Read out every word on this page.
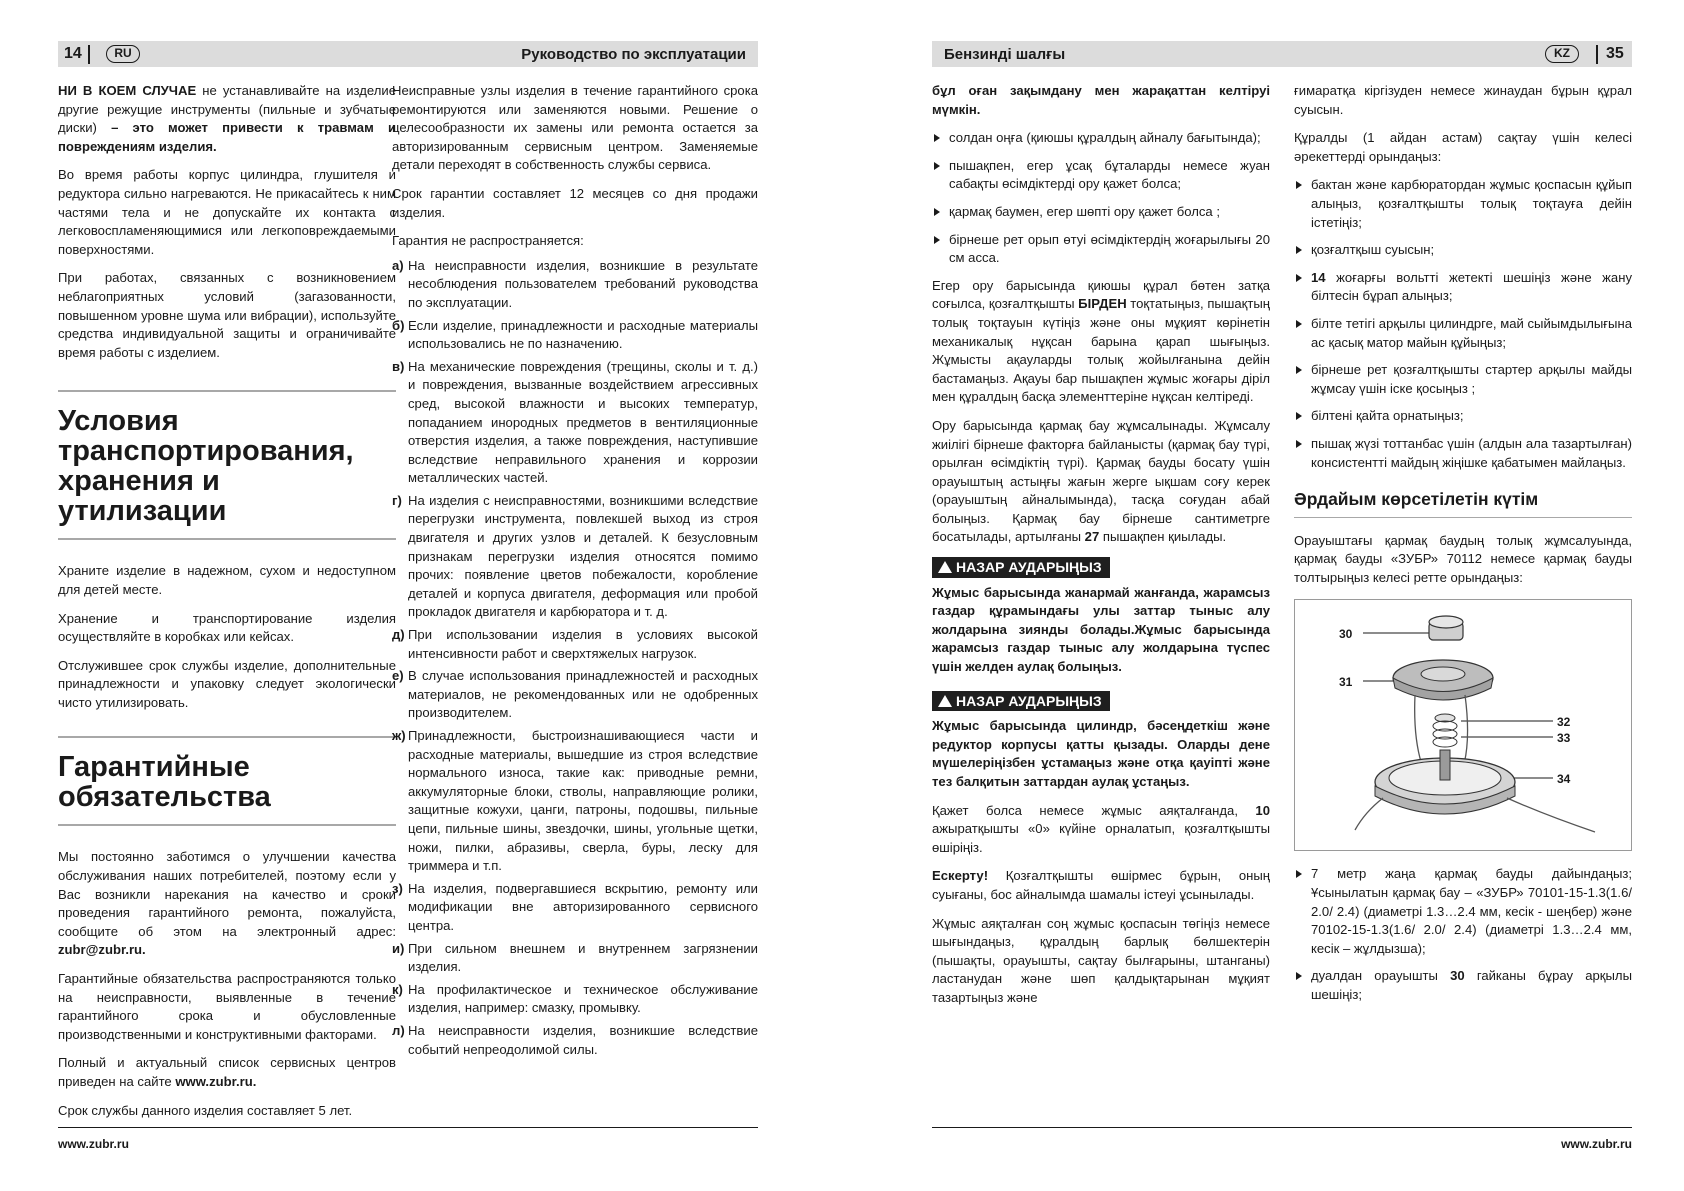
14	RU	Руководство по эксплуатации

НИ В КОЕМ СЛУЧАЕ не устанавливайте на изделие другие режущие инструменты (пильные и зубчатые диски) – это может привести к травмам и повреждениям изделия.

Во время работы корпус цилиндра, глушителя и редуктора сильно нагреваются. Не прикасайтесь к ним частями тела и не допускайте их контакта с легковоспламеняющимися или легкоповреждаемыми поверхностями.

При работах, связанных с возникновением неблагоприятных условий (загазованности, повышенном уровне шума или вибрации), используйте средства индивидуальной защиты и ограничивайте время работы с изделием.

Условия транспортирования, хранения и утилизации

Храните изделие в надежном, сухом и недоступном для детей месте.

Хранение и транспортирование изделия осуществляйте в коробках или кейсах.

Отслужившее срок службы изделие, дополнительные принадлежности и упаковку следует экологически чисто утилизировать.

Гарантийные обязательства

Мы постоянно заботимся о улучшении качества обслуживания наших потребителей, поэтому если у Вас возникли нарекания на качество и сроки проведения гарантийного ремонта, пожалуйста, сообщите об этом на электронный адрес: zubr@zubr.ru.

Гарантийные обязательства распространяются только на неисправности, выявленные в течение гарантийного срока и обусловленные производственными и конструктивными факторами.

Полный и актуальный список сервисных центров приведен на сайте www.zubr.ru.

Срок службы данного изделия составляет 5 лет.

Неисправные узлы изделия в течение гарантийного срока ремонтируются или заменяются новыми. Решение о целесообразности их замены или ремонта остается за авторизированным сервисным центром. Заменяемые детали переходят в собственность службы сервиса.

Срок гарантии составляет 12 месяцев со дня продажи изделия.

Гарантия не распространяется:

а) На неисправности изделия, возникшие в результате несоблюдения пользователем требований руководства по эксплуатации.
б) Если изделие, принадлежности и расходные материалы использовались не по назначению.
в) На механические повреждения (трещины, сколы и т. д.) и повреждения, вызванные воздействием агрессивных сред, высокой влажности и высоких температур, попаданием инородных предметов в вентиляционные отверстия изделия, а также повреждения, наступившие вследствие неправильного хранения и коррозии металлических частей.
г) На изделия с неисправностями, возникшими вследствие перегрузки инструмента, повлекшей выход из строя двигателя и других узлов и деталей. К безусловным признакам перегрузки изделия относятся помимо прочих: появление цветов побежалости, коробление деталей и корпуса двигателя, деформация или пробой прокладок двигателя и карбюратора и т. д.
д) При использовании изделия в условиях высокой интенсивности работ и сверхтяжелых нагрузок.
е) В случае использования принадлежностей и расходных материалов, не рекомендованных или не одобренных производителем.
ж) Принадлежности, быстроизнашивающиеся части и расходные материалы, вышедшие из строя вследствие нормального износа, такие как: приводные ремни, аккумуляторные блоки, стволы, направляющие ролики, защитные кожухи, цанги, патроны, подошвы, пильные цепи, пильные шины, звездочки, шины, угольные щетки, ножи, пилки, абразивы, сверла, буры, леску для триммера и т.п.
з) На изделия, подвергавшиеся вскрытию, ремонту или модификации вне авторизированного сервисного центра.
и) При сильном внешнем и внутреннем загрязнении изделия.
к) На профилактическое и техническое обслуживание изделия, например: смазку, промывку.
л) На неисправности изделия, возникшие вследствие событий непреодолимой силы.
www.zubr.ru
Бензинді шалғы	KZ	35

бұл оған зақымдану мен жарақаттан келтіруі мүмкін.

солдан оңға (қиюшы құралдың айналу бағытында);
пышақпен, егер ұсақ бұталарды немесе жуан сабақты өсімдіктерді ору қажет болса;
қармақ баумен, егер шөпті ору қажет болса ;
бірнеше рет орып өтуі өсімдіктердің жоғарылығы 20 см асса.

Егер ору барысында қиюшы құрал бөтен затқа соғылса, қозғалтқышты БІРДЕН тоқтатыңыз, пышақтың толық тоқтауын күтіңіз және оны мұқият көрінетін механикалық нұқсан барына қарап шығыңыз. Жұмысты ақауларды толық жойылғанына дейін бастамаңыз. Ақауы бар пышақпен жұмыс жоғары діріл мен құралдың басқа элементтеріне нұқсан келтіреді.

Ору барысында қармақ бау жұмсалынады. Жұмсалу жиілігі бірнеше факторға байланысты (қармақ бау түрі, орылған өсімдіктің түрі). Қармақ бауды босату үшін орауыштың астыңғы жағын жерге ықшам соғу керек (орауыштың айналымында), тасқа соғудан абай болыңыз. Қармақ бау бірнеше сантиметрге босатылады, артылғаны 27 пышақпен қиылады.

НАЗАР АУДАРЫҢЫЗ

Жұмыс барысында жанармай жанғанда, жарамсыз газдар құрамындағы улы заттар тыныс алу жолдарына зиянды болады.Жұмыс барысында жарамсыз газдар тыныс алу жолдарына түспес үшін желден аулақ болыңыз.

НАЗАР АУДАРЫҢЫЗ

Жұмыс барысында цилиндр, бәсеңдеткіш және редуктор корпусы қатты қызады. Оларды дене мүшелеріңізбен ұстамаңыз және отқа қауіпті және тез балқитын заттардан аулақ ұстаңыз.

Қажет болса немесе жұмыс аяқталғанда, 10 ажыратқышты «0» күйіне орналатып, қозғалтқышты өшіріңіз.

Ескерту! Қозғалтқышты өшірмес бұрын, оның суығаны, бос айналымда шамалы істеуі ұсынылады.

Жұмыс аяқталған соң жұмыс қоспасын төгіңіз немесе шығындаңыз, құралдың барлық бөлшектерін (пышақты, орауышты, сақтау былғарыны, штанганы) ластанудан және шөп қалдықтарынан мұқият тазартыңыз және

ғимаратқа кіргізуден немесе жинаудан бұрын құрал суысын.

Құралды (1 айдан астам) сақтау үшін келесі әрекеттерді орындаңыз:

бактан және карбюратордан жұмыс қоспасын құйып алыңыз, қозғалтқышты толық тоқтауға дейін істетіңіз;
қозғалтқыш суысын;
14 жоғарғы вольтті жетекті шешіңіз және жану білтесін бұрап алыңыз;
білте тетігі арқылы цилиндрге, май сыйымдылығына ас қасық матор майын құйыңыз;
бірнеше рет қозғалтқышты стартер арқылы майды жұмсау үшін іске қосыңыз ;
білтені қайта орнатыңыз;
пышақ жүзі тоттанбас үшін (алдын ала тазартылған) консистентті майдың жіңішке қабатымен майлаңыз.
Әрдайым көрсетілетін күтім

Орауыштағы қармақ баудың толық жұмсалуында, қармақ бауды «ЗУБР» 70112 немесе қармақ бауды толтырыңыз келесі ретте орындаңыз:

30
31
32
33
34
7 метр жаңа қармақ бауды дайындаңыз; Ұсынылатын қармақ бау – «ЗУБР» 70101-15-1.3(1.6/ 2.0/ 2.4) (диаметрі 1.3…2.4 мм, кесік - шеңбер) және 70102-15-1.3(1.6/ 2.0/ 2.4) (диаметрі 1.3…2.4 мм, кесік – жұлдызша);
дуалдан орауышты 30 гайканы бұрау арқылы шешіңіз;
www.zubr.ru
